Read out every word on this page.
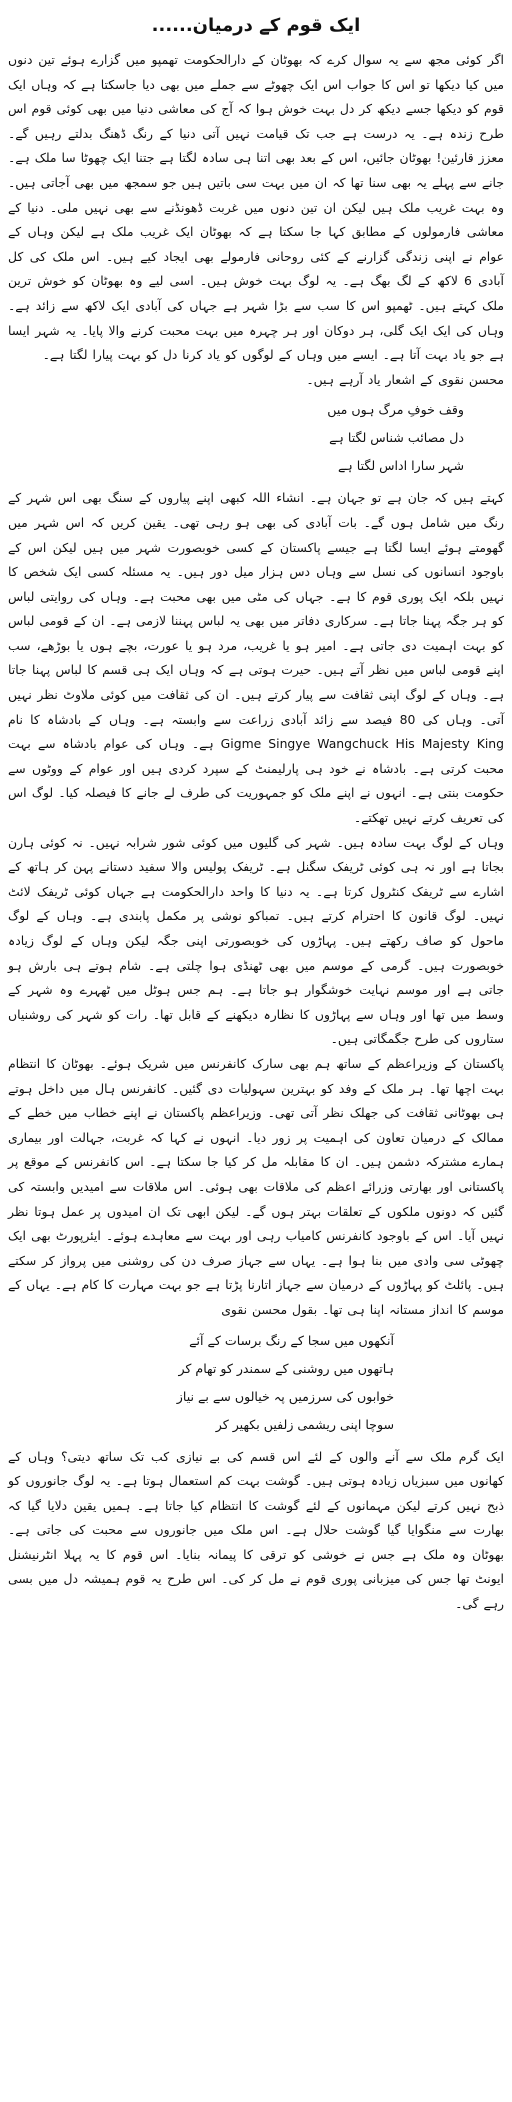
ایک قوم کے درمیان......

اگر کوئی مجھ سے یہ سوال کرے کہ بھوٹان کے دارالحکومت تھمپو میں گزارے ہوئے تین دنوں میں کیا دیکھا تو اس کا جواب اس ایک چھوٹے سے جملے میں بھی دیا جاسکتا ہے کہ وہاں ایک قوم کو دیکھا جسے دیکھ کر دل بہت خوش ہوا کہ آج کی معاشی دنیا میں بھی کوئی قوم اس طرح زندہ ہے۔ یہ درست ہے جب تک قیامت نہیں آتی دنیا کے رنگ ڈھنگ بدلتے رہیں گے۔ معزز قارئین! بھوٹان جائیں، اس کے بعد بھی اتنا ہی سادہ لگتا ہے جتنا ایک چھوٹا سا ملک ہے۔ جانے سے پہلے یہ بھی سنا تھا کہ ان میں بہت سی باتیں ہیں جو سمجھ میں بھی آجاتی ہیں۔ وہ بہت غریب ملک ہیں لیکن ان تین دنوں میں غربت ڈھونڈنے سے بھی نہیں ملی۔ دنیا کے معاشی فارمولوں کے مطابق کہا جا سکتا ہے کہ بھوٹان ایک غریب ملک ہے لیکن وہاں کے عوام نے اپنی زندگی گزارنے کے کئی روحانی فارمولے بھی ایجاد کیے ہیں۔ اس ملک کی کل آبادی 6 لاکھ کے لگ بھگ ہے۔ یہ لوگ بہت خوش ہیں۔ اسی لیے وہ بھوٹان کو خوش ترین ملک کہتے ہیں۔ ٹھمپو اس کا سب سے بڑا شہر ہے جہاں کی آبادی ایک لاکھ سے زائد ہے۔ وہاں کی ایک ایک گلی، ہر دوکان اور ہر چہرہ میں بہت محبت کرنے والا پایا۔ یہ شہر ایسا ہے جو یاد بہت آتا ہے۔ ایسے میں وہاں کے لوگوں کو یاد کرنا دل کو بہت پیارا لگتا ہے۔

محسن نقوی کے اشعار یاد آرہے ہیں۔

وقف خوفِ مرگ ہوں میں

دل مصائب شناس لگتا ہے

شہر سارا اداس لگتا ہے

کہتے ہیں کہ جان ہے تو جہان ہے۔ انشاء اللہ کبھی اپنے پیاروں کے سنگ بھی اس شہر کے رنگ میں شامل ہوں گے۔ بات آبادی کی بھی ہو رہی تھی۔ یقین کریں کہ اس شہر میں گھومتے ہوئے ایسا لگتا ہے جیسے پاکستان کے کسی خوبصورت شہر میں ہیں لیکن اس کے باوجود انسانوں کی نسل سے وہاں دس ہزار میل دور ہیں۔ یہ مسئلہ کسی ایک شخص کا نہیں بلکہ ایک پوری قوم کا ہے۔ جہاں کی مٹی میں بھی محبت ہے۔ وہاں کی روایتی لباس کو ہر جگہ پہنا جاتا ہے۔ سرکاری دفاتر میں بھی یہ لباس پہننا لازمی ہے۔ ان کے قومی لباس کو بہت اہمیت دی جاتی ہے۔ امیر ہو یا غریب، مرد ہو یا عورت، بچے ہوں یا بوڑھے، سب اپنے قومی لباس میں نظر آتے ہیں۔ حیرت ہوتی ہے کہ وہاں ایک ہی قسم کا لباس پہنا جاتا ہے۔ وہاں کے لوگ اپنی ثقافت سے پیار کرتے ہیں۔ ان کی ثقافت میں کوئی ملاوٹ نظر نہیں آتی۔ وہاں کی 80 فیصد سے زائد آبادی زراعت سے وابستہ ہے۔ وہاں کے بادشاہ کا نام Gigme Singye Wangchuck His Majesty King ہے۔ وہاں کی عوام بادشاہ سے بہت محبت کرتی ہے۔ بادشاہ نے خود ہی پارلیمنٹ کے سپرد کردی ہیں اور عوام کے ووٹوں سے حکومت بنتی ہے۔ انہوں نے اپنے ملک کو جمہوریت کی طرف لے جانے کا فیصلہ کیا۔ لوگ اس کی تعریف کرتے نہیں تھکتے۔

وہاں کے لوگ بہت سادہ ہیں۔ شہر کی گلیوں میں کوئی شور شرابہ نہیں۔ نہ کوئی ہارن بجاتا ہے اور نہ ہی کوئی ٹریفک سگنل ہے۔ ٹریفک پولیس والا سفید دستانے پہن کر ہاتھ کے اشارے سے ٹریفک کنٹرول کرتا ہے۔ یہ دنیا کا واحد دارالحکومت ہے جہاں کوئی ٹریفک لائٹ نہیں۔ لوگ قانون کا احترام کرتے ہیں۔ تمباکو نوشی پر مکمل پابندی ہے۔ وہاں کے لوگ ماحول کو صاف رکھتے ہیں۔ پہاڑوں کی خوبصورتی اپنی جگہ لیکن وہاں کے لوگ زیادہ خوبصورت ہیں۔ گرمی کے موسم میں بھی ٹھنڈی ہوا چلتی ہے۔ شام ہوتے ہی بارش ہو جاتی ہے اور موسم نہایت خوشگوار ہو جاتا ہے۔ ہم جس ہوٹل میں ٹھہرے وہ شہر کے وسط میں تھا اور وہاں سے پہاڑوں کا نظارہ دیکھنے کے قابل تھا۔ رات کو شہر کی روشنیاں ستاروں کی طرح جگمگاتی ہیں۔

پاکستان کے وزیراعظم کے ساتھ ہم بھی سارک کانفرنس میں شریک ہوئے۔ بھوٹان کا انتظام بہت اچھا تھا۔ ہر ملک کے وفد کو بہترین سہولیات دی گئیں۔ کانفرنس ہال میں داخل ہوتے ہی بھوٹانی ثقافت کی جھلک نظر آتی تھی۔ وزیراعظم پاکستان نے اپنے خطاب میں خطے کے ممالک کے درمیان تعاون کی اہمیت پر زور دیا۔ انہوں نے کہا کہ غربت، جہالت اور بیماری ہمارے مشترکہ دشمن ہیں۔ ان کا مقابلہ مل کر کیا جا سکتا ہے۔ اس کانفرنس کے موقع پر پاکستانی اور بھارتی وزرائے اعظم کی ملاقات بھی ہوئی۔ اس ملاقات سے امیدیں وابستہ کی گئیں کہ دونوں ملکوں کے تعلقات بہتر ہوں گے۔ لیکن ابھی تک ان امیدوں پر عمل ہوتا نظر نہیں آیا۔ اس کے باوجود کانفرنس کامیاب رہی اور بہت سے معاہدے ہوئے۔ ایئرپورٹ بھی ایک چھوٹی سی وادی میں بنا ہوا ہے۔ یہاں سے جہاز صرف دن کی روشنی میں پرواز کر سکتے ہیں۔ پائلٹ کو پہاڑوں کے درمیان سے جہاز اتارنا پڑتا ہے جو بہت مہارت کا کام ہے۔ یہاں کے موسم کا انداز مستانہ اپنا ہی تھا۔ بقول محسن نقوی

آنکھوں میں سجا کے رنگ برسات کے آئے

ہاتھوں میں روشنی کے سمندر کو تھام کر

خوابوں کی سرزمیں پہ خیالوں سے بے نیاز

سوچا اپنی ریشمی زلفیں بکھیر کر

ایک گرم ملک سے آنے والوں کے لئے اس قسم کی بے نیازی کب تک ساتھ دیتی؟ وہاں کے کھانوں میں سبزیاں زیادہ ہوتی ہیں۔ گوشت بہت کم استعمال ہوتا ہے۔ یہ لوگ جانوروں کو ذبح نہیں کرتے لیکن مہمانوں کے لئے گوشت کا انتظام کیا جاتا ہے۔ ہمیں یقین دلایا گیا کہ بھارت سے منگوایا گیا گوشت حلال ہے۔ اس ملک میں جانوروں سے محبت کی جاتی ہے۔ بھوٹان وہ ملک ہے جس نے خوشی کو ترقی کا پیمانہ بنایا۔ اس قوم کا یہ پہلا انٹرنیشنل ایونٹ تھا جس کی میزبانی پوری قوم نے مل کر کی۔ اس طرح یہ قوم ہمیشہ دل میں بسی رہے گی۔
